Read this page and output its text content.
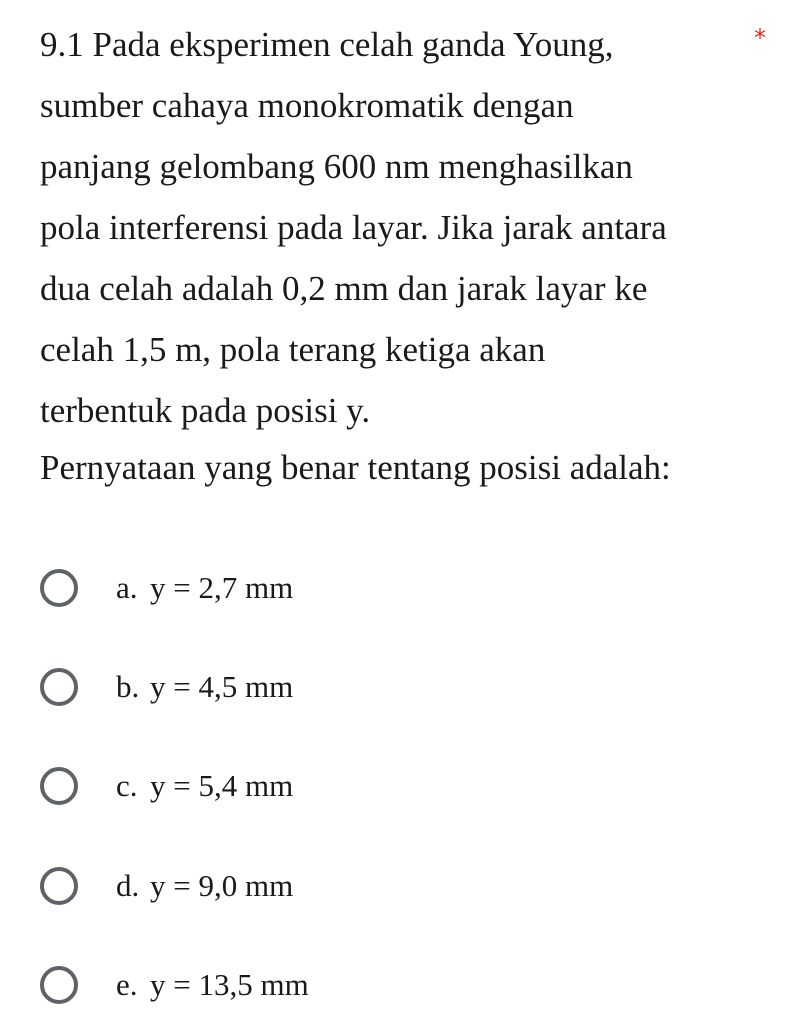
9.1 Pada eksperimen celah ganda Young,
sumber cahaya monokromatik dengan
panjang gelombang 600 nm menghasilkan
pola interferensi pada layar. Jika jarak antara
dua celah adalah 0,2 mm dan jarak layar ke
celah 1,5 m, pola terang ketiga akan
terbentuk pada posisi y.
*
Pernyataan yang benar tentang posisi adalah:
a. y = 2,7 mm
b. y = 4,5 mm
c. y = 5,4 mm
d. y = 9,0 mm
e. y = 13,5 mm
